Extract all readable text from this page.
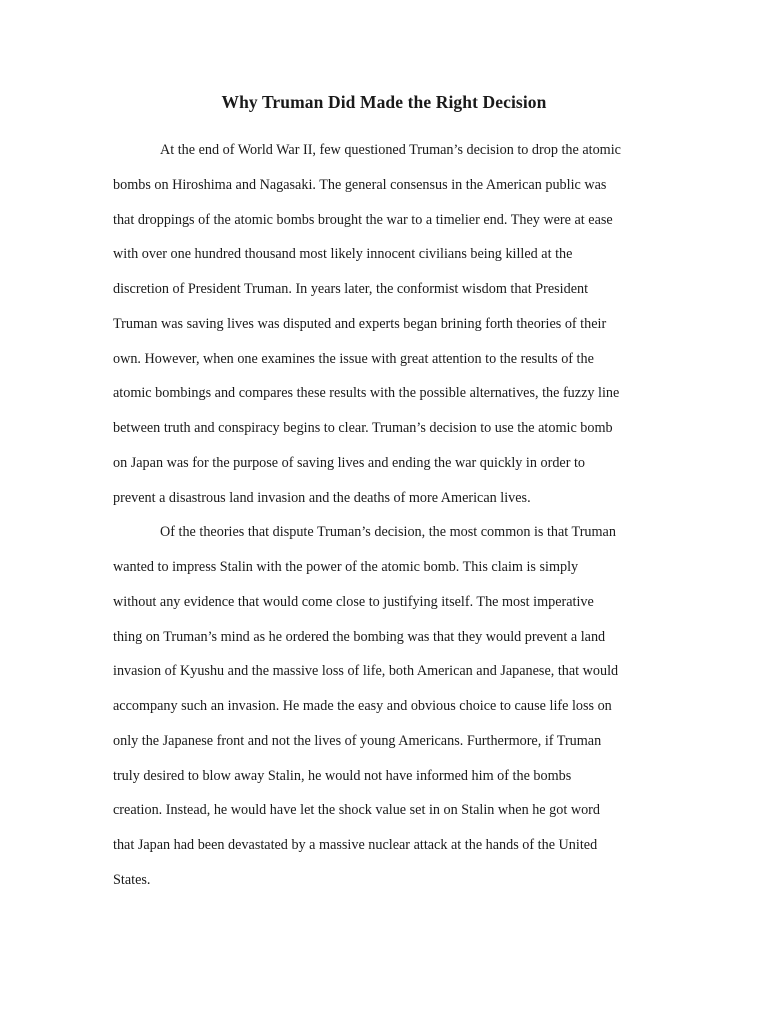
Why Truman Did Made the Right Decision

At the end of World War II, few questioned Truman’s decision to drop the atomic
bombs on Hiroshima and Nagasaki. The general consensus in the American public was
that droppings of the atomic bombs brought the war to a timelier end. They were at ease
with over one hundred thousand most likely innocent civilians being killed at the
discretion of President Truman. In years later, the conformist wisdom that President
Truman was saving lives was disputed and experts began brining forth theories of their
own. However, when one examines the issue with great attention to the results of the
atomic bombings and compares these results with the possible alternatives, the fuzzy line
between truth and conspiracy begins to clear. Truman’s decision to use the atomic bomb
on Japan was for the purpose of saving lives and ending the war quickly in order to
prevent a disastrous land invasion and the deaths of more American lives.

Of the theories that dispute Truman’s decision, the most common is that Truman
wanted to impress Stalin with the power of the atomic bomb. This claim is simply
without any evidence that would come close to justifying itself. The most imperative
thing on Truman’s mind as he ordered the bombing was that they would prevent a land
invasion of Kyushu and the massive loss of life, both American and Japanese, that would
accompany such an invasion. He made the easy and obvious choice to cause life loss on
only the Japanese front and not the lives of young Americans. Furthermore, if Truman
truly desired to blow away Stalin, he would not have informed him of the bombs
creation. Instead, he would have let the shock value set in on Stalin when he got word
that Japan had been devastated by a massive nuclear attack at the hands of the United
States.
